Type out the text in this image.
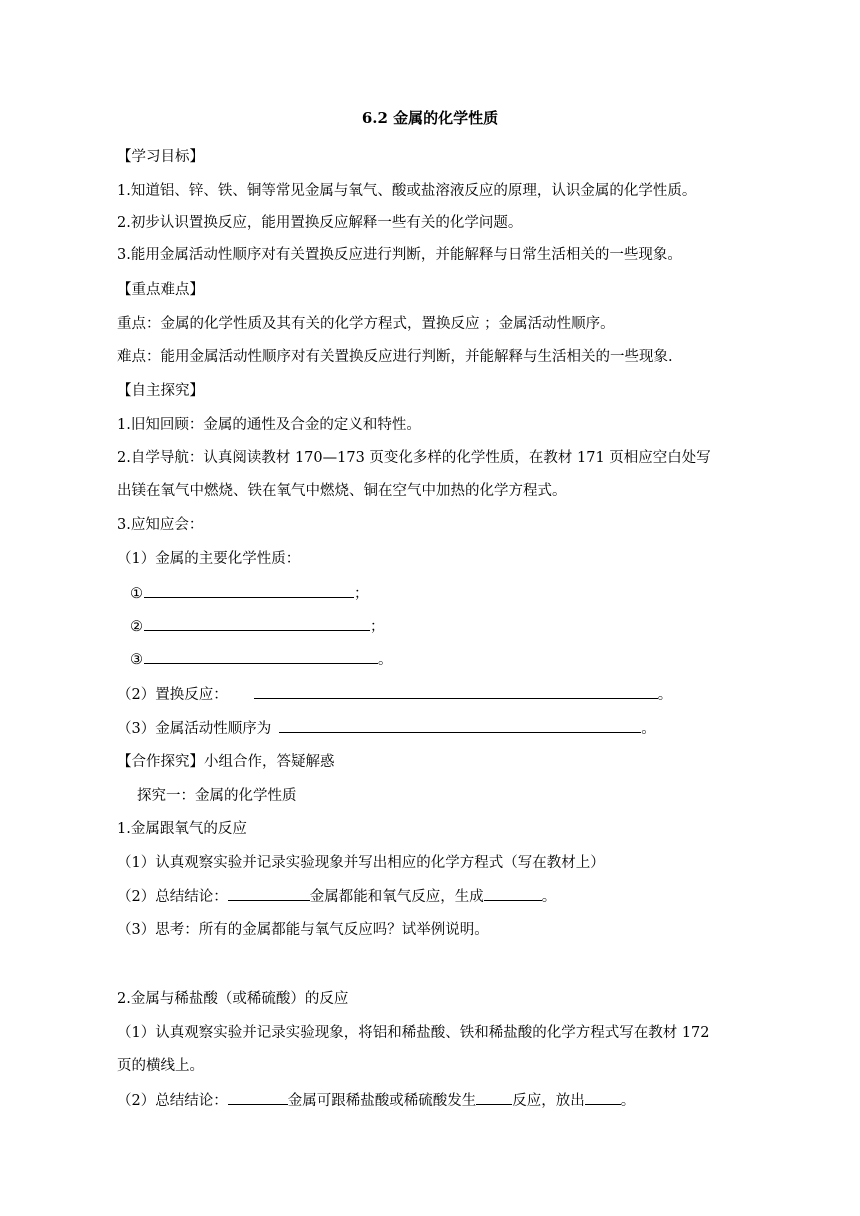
6.2 金属的化学性质
【学习目标】
1.知道铝、锌、铁、铜等常见金属与氧气、酸或盐溶液反应的原理，认识金属的化学性质。
2.初步认识置换反应，能用置换反应解释一些有关的化学问题。
3.能用金属活动性顺序对有关置换反应进行判断，并能解释与日常生活相关的一些现象。
【重点难点】
重点：金属的化学性质及其有关的化学方程式，置换反应 ；金属活动性顺序。
难点：能用金属活动性顺序对有关置换反应进行判断，并能解释与生活相关的一些现象.
【自主探究】
1.旧知回顾：金属的通性及合金的定义和特性。
2.自学导航：认真阅读教材 170—173 页变化多样的化学性质，在教材 171 页相应空白处写
出镁在氧气中燃烧、铁在氧气中燃烧、铜在空气中加热的化学方程式。
3.应知应会：
（1）金属的主要化学性质：
①	；
②	；
③	。
（2）置换反应：	。
（3）金属活动性顺序为	。
【合作探究】小组合作，答疑解惑
探究一：金属的化学性质
1.金属跟氧气的反应
（1）认真观察实验并记录实验现象并写出相应的化学方程式（写在教材上）
（2）总结结论：	金属都能和氧气反应，生成	。
（3）思考：所有的金属都能与氧气反应吗？试举例说明。
2.金属与稀盐酸（或稀硫酸）的反应
（1）认真观察实验并记录实验现象，将铝和稀盐酸、铁和稀盐酸的化学方程式写在教材 172
页的横线上。
（2）总结结论：	金属可跟稀盐酸或稀硫酸发生 反应，放出 。
